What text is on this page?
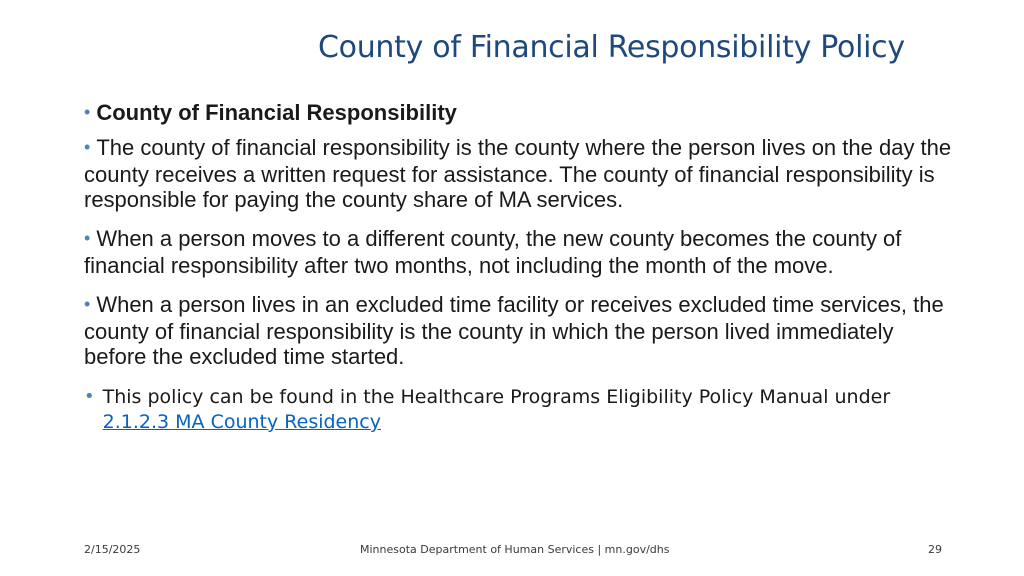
County of Financial Responsibility Policy

• County of Financial Responsibility

• The county of financial responsibility is the county where the person lives on the day the county receives a written request for assistance. The county of financial responsibility is responsible for paying the county share of MA services.

• When a person moves to a different county, the new county becomes the county of financial responsibility after two months, not including the month of the move.

• When a person lives in an excluded time facility or receives excluded time services, the county of financial responsibility is the county in which the person lived immediately before the excluded time started.

• This policy can be found in the Healthcare Programs Eligibility Policy Manual under 2.1.2.3 MA County Residency
2/15/2025	Minnesota Department of Human Services | mn.gov/dhs	29
